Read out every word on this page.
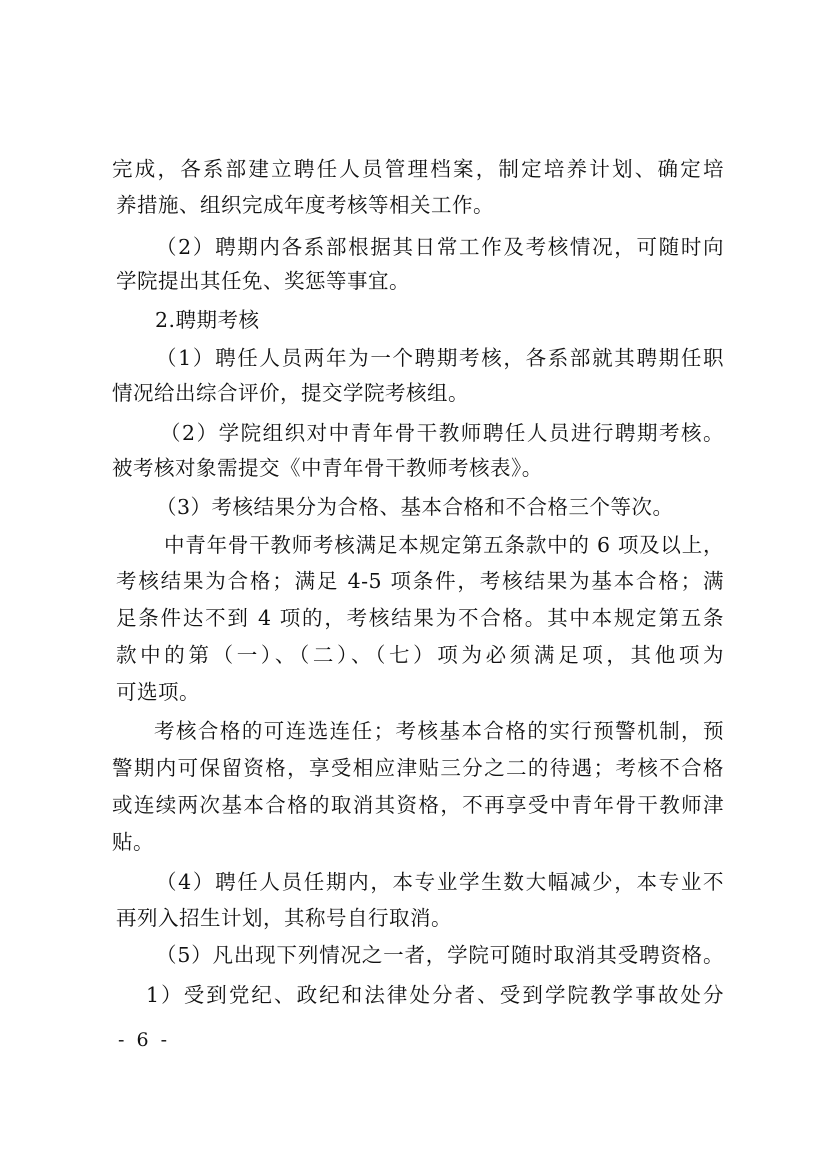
完成，各系部建立聘任人员管理档案，制定培养计划、确定培
养措施、组织完成年度考核等相关工作。
（2）聘期内各系部根据其日常工作及考核情况，可随时向
学院提出其任免、奖惩等事宜。
2.聘期考核
（1）聘任人员两年为一个聘期考核，各系部就其聘期任职
情况给出综合评价，提交学院考核组。
（2）学院组织对中青年骨干教师聘任人员进行聘期考核。
被考核对象需提交《中青年骨干教师考核表》。
（3）考核结果分为合格、基本合格和不合格三个等次。
中青年骨干教师考核满足本规定第五条款中的 6 项及以上，
考核结果为合格；满足 4-5 项条件，考核结果为基本合格；满
足条件达不到 4 项的，考核结果为不合格。其中本规定第五条
款中的第（一）、（二）、（七）项为必须满足项，其他项为
可选项。
考核合格的可连选连任；考核基本合格的实行预警机制，预
警期内可保留资格，享受相应津贴三分之二的待遇；考核不合格
或连续两次基本合格的取消其资格，不再享受中青年骨干教师津
贴。
（4）聘任人员任期内，本专业学生数大幅减少，本专业不
再列入招生计划，其称号自行取消。
（5）凡出现下列情况之一者，学院可随时取消其受聘资格。
1）受到党纪、政纪和法律处分者、受到学院教学事故处分
- 6 -
